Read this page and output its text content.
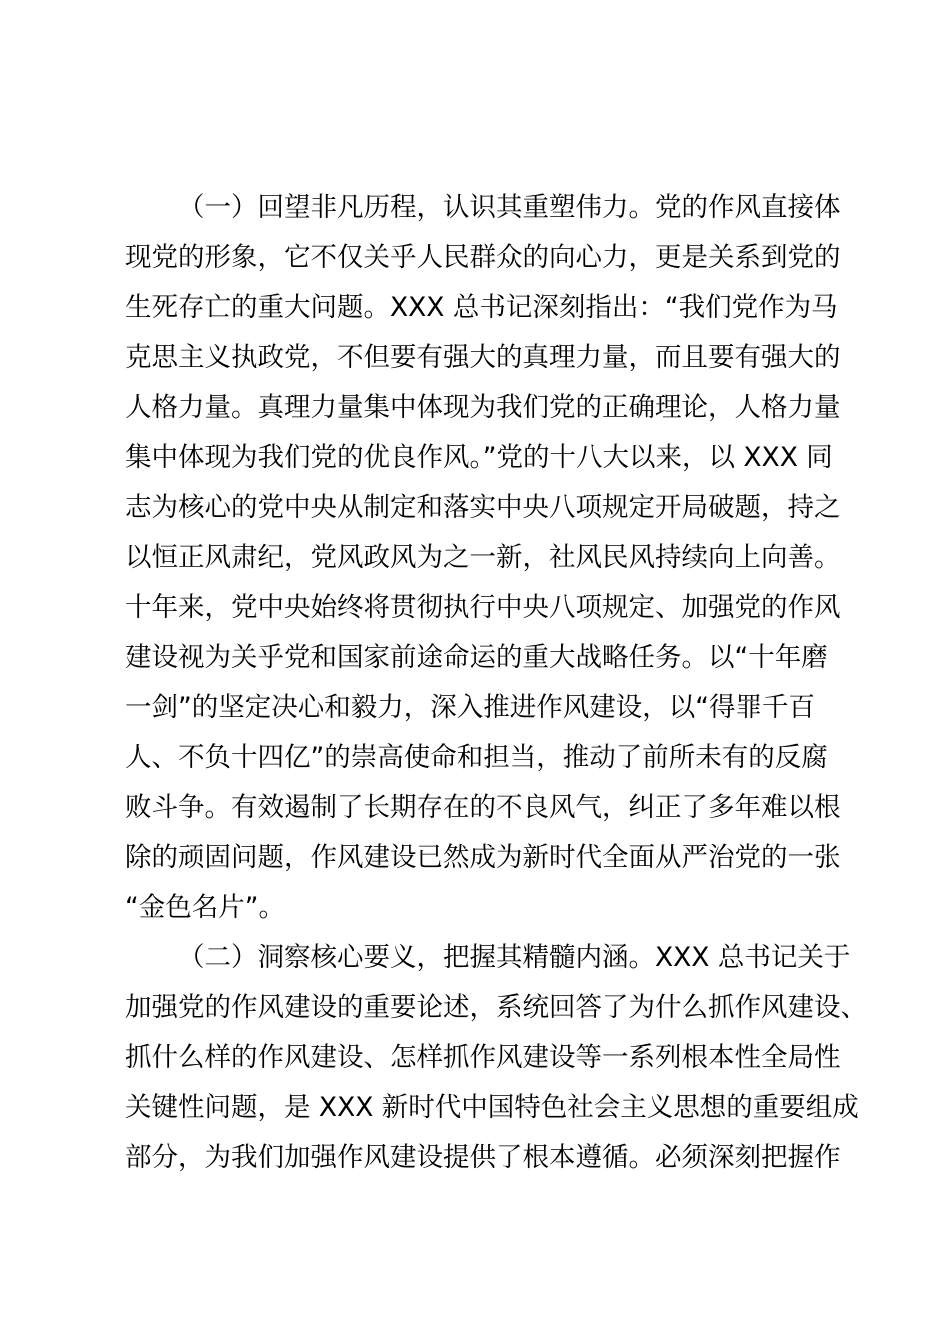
（一）回望非凡历程，认识其重塑伟力。党的作风直接体
现党的形象，它不仅关乎人民群众的向心力，更是关系到党的
生死存亡的重大问题。XXX 总书记深刻指出：“我们党作为马
克思主义执政党，不但要有强大的真理力量，而且要有强大的
人格力量。真理力量集中体现为我们党的正确理论，人格力量
集中体现为我们党的优良作风。”党的十八大以来，以 XXX 同
志为核心的党中央从制定和落实中央八项规定开局破题，持之
以恒正风肃纪，党风政风为之一新，社风民风持续向上向善。
十年来，党中央始终将贯彻执行中央八项规定、加强党的作风
建设视为关乎党和国家前途命运的重大战略任务。以“十年磨
一剑”的坚定决心和毅力，深入推进作风建设，以“得罪千百
人、不负十四亿”的崇高使命和担当，推动了前所未有的反腐
败斗争。有效遏制了长期存在的不良风气，纠正了多年难以根
除的顽固问题，作风建设已然成为新时代全面从严治党的一张
“金色名片”。
（二）洞察核心要义，把握其精髓内涵。XXX 总书记关于
加强党的作风建设的重要论述，系统回答了为什么抓作风建设、
抓什么样的作风建设、怎样抓作风建设等一系列根本性全局性
关键性问题，是 XXX 新时代中国特色社会主义思想的重要组成
部分，为我们加强作风建设提供了根本遵循。必须深刻把握作
